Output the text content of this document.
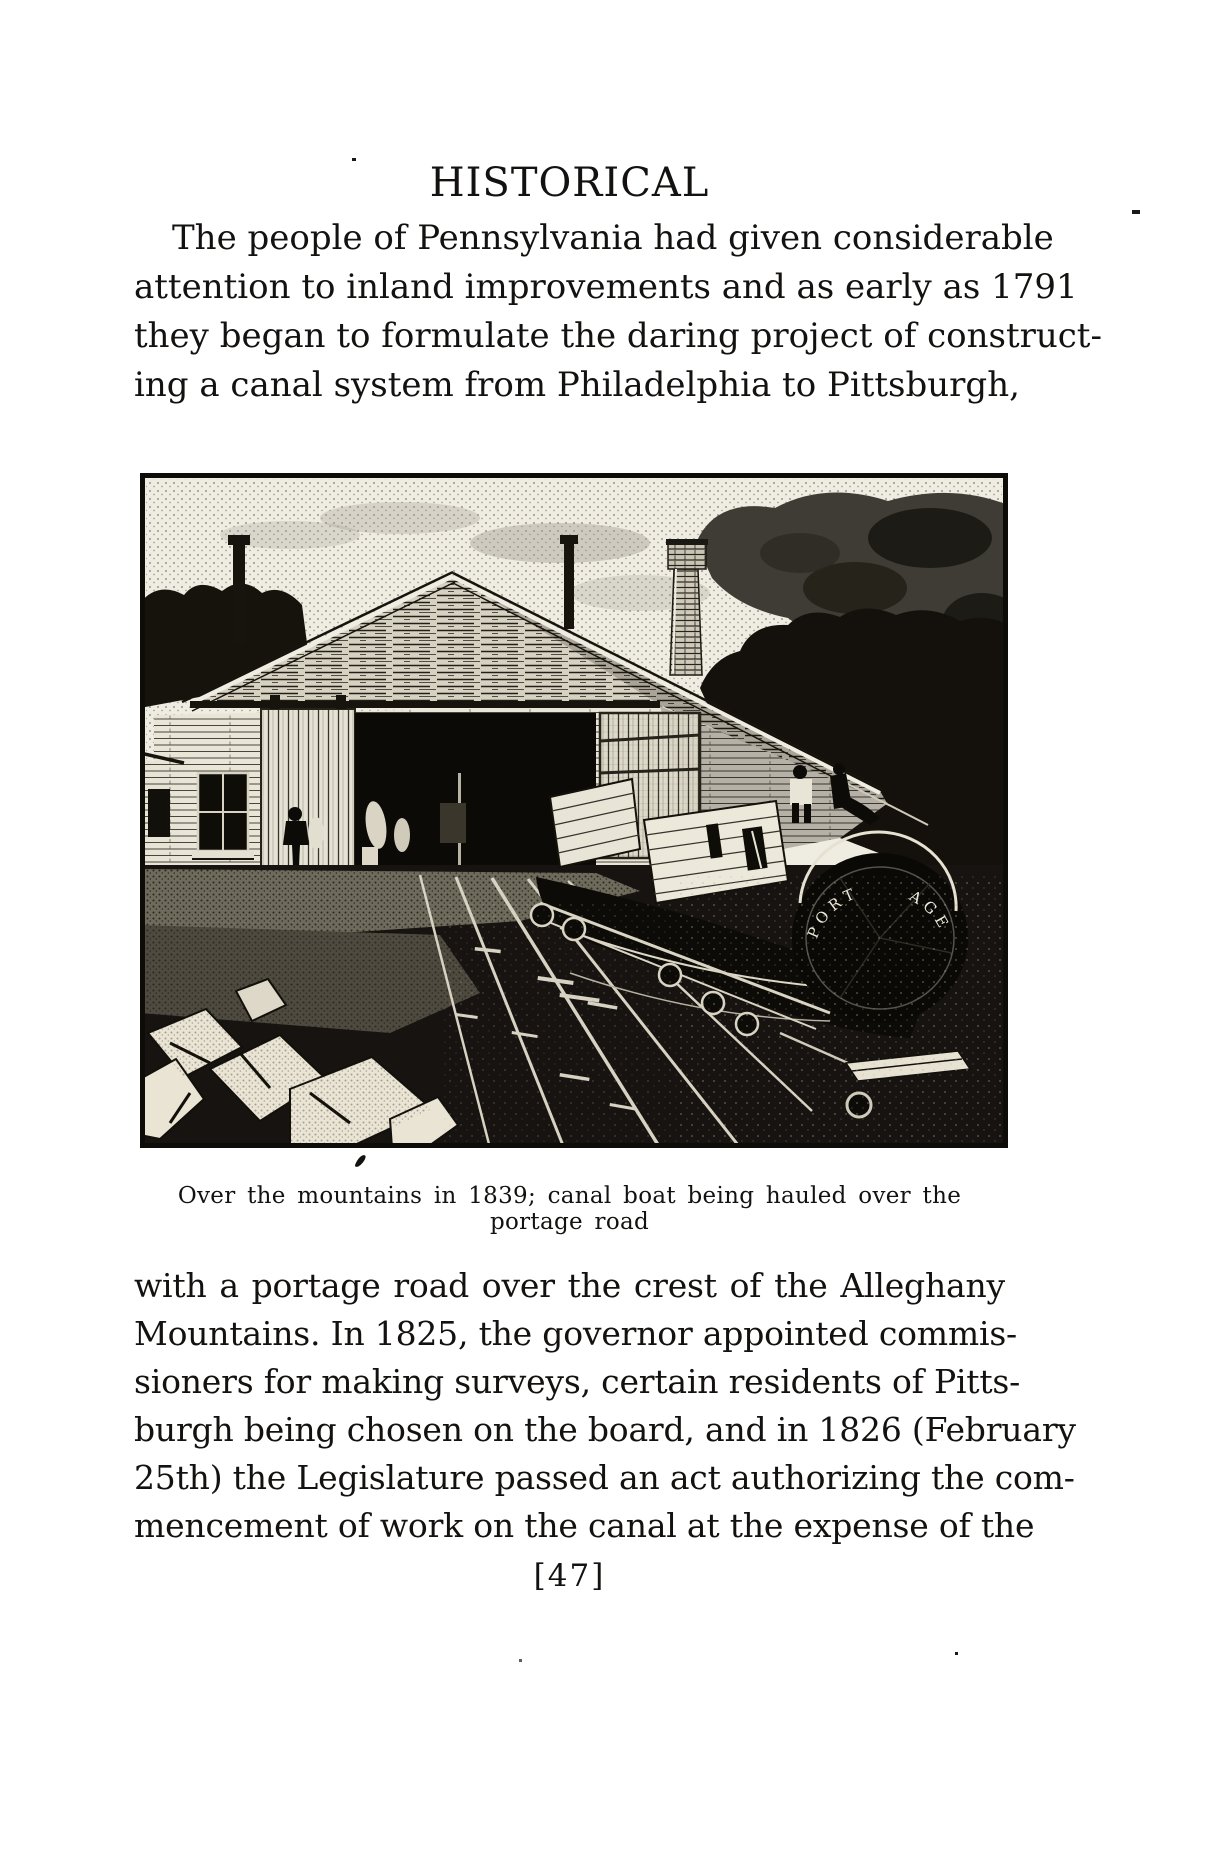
HISTORICAL
The people of Pennsylvania had given considerable
attention to inland improvements and as early as 1791
they began to formulate the daring project of construct-
ing a canal system from Philadelphia to Pittsburgh,
Over the mountains in 1839; canal boat being hauled over the portage road
with a portage road over the crest of the Alleghany
Mountains. In 1825, the governor appointed commis-
sioners for making surveys, certain residents of Pitts-
burgh being chosen on the board, and in 1826 (February
25th) the Legislature passed an act authorizing the com-
mencement of work on the canal at the expense of the
[47]
